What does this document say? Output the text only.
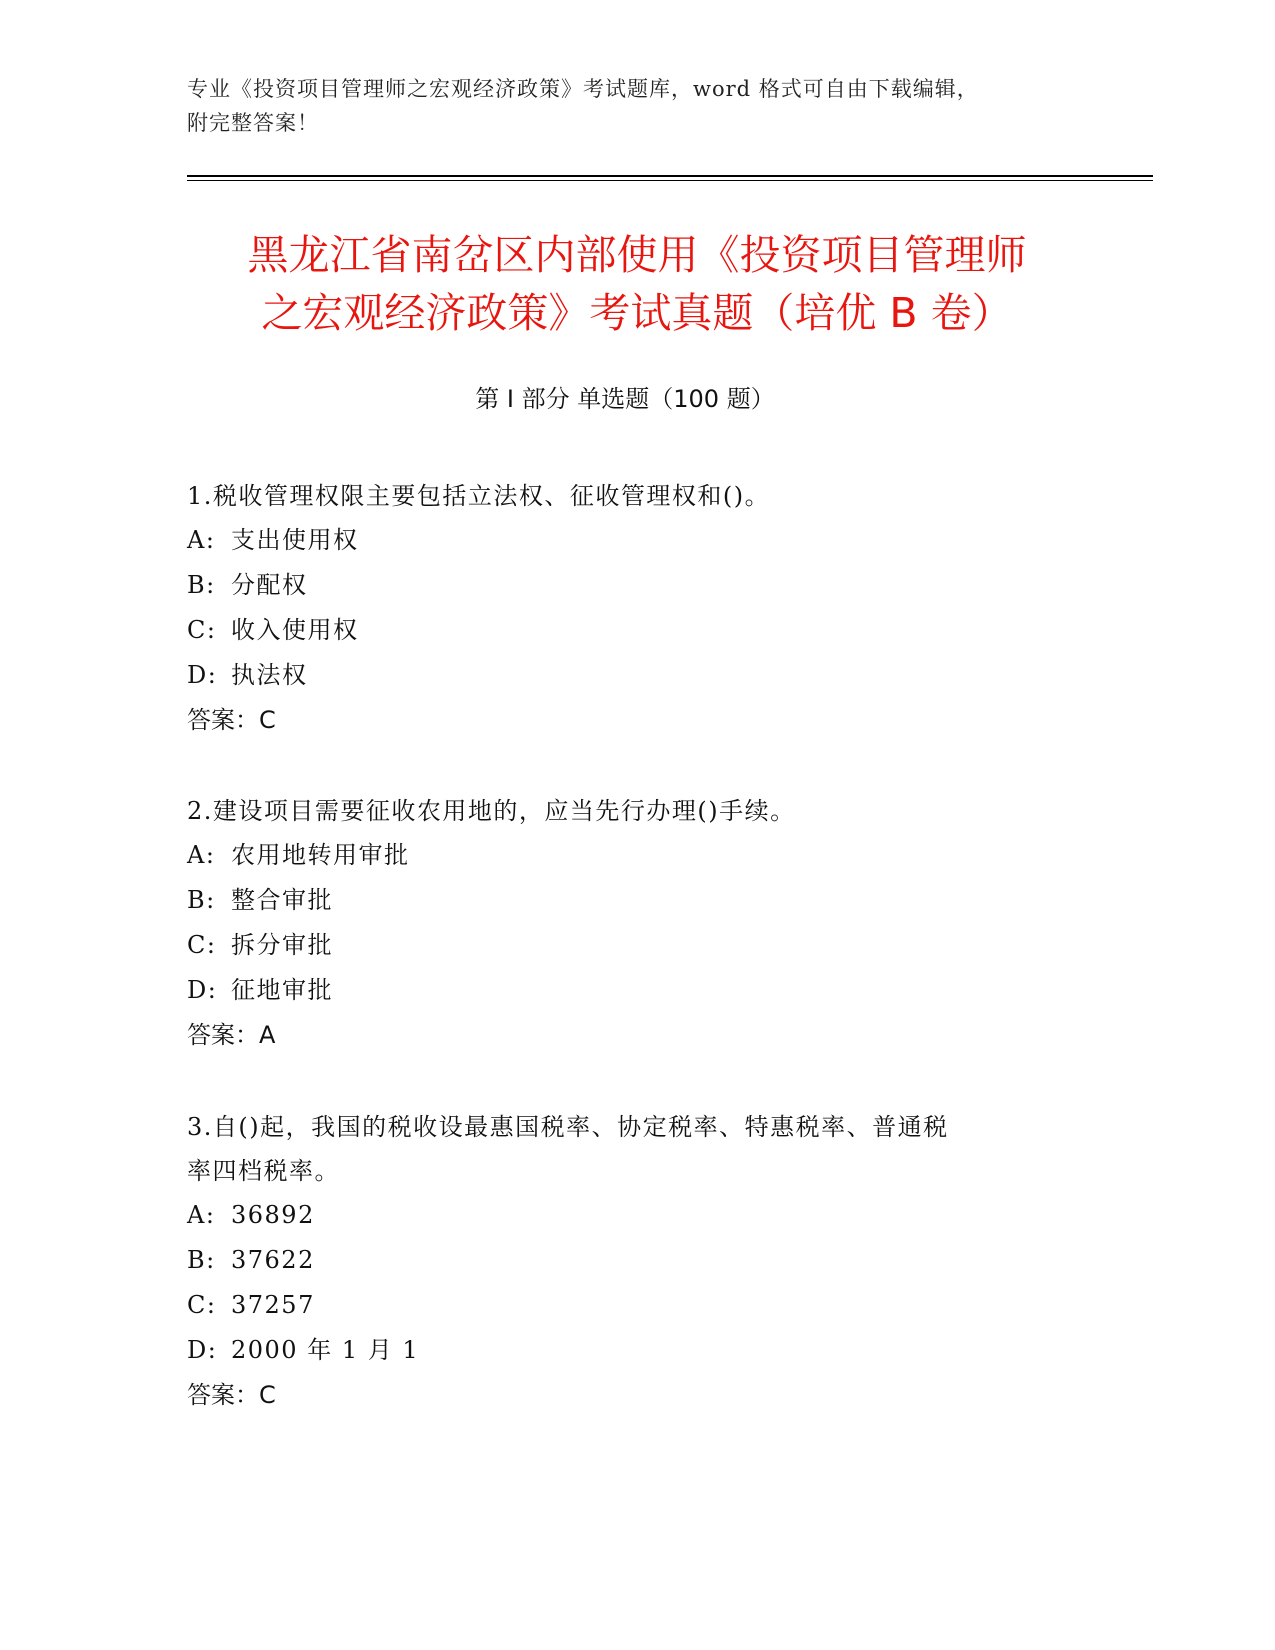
专业《投资项目管理师之宏观经济政策》考试题库，word 格式可自由下载编辑，
附完整答案！
黑龙江省南岔区内部使用《投资项目管理师
之宏观经济政策》考试真题（培优 B 卷）
第 I 部分 单选题（100 题）
1.税收管理权限主要包括立法权、征收管理权和()。
A: 支出使用权
B: 分配权
C: 收入使用权
D: 执法权
答案：C
2.建设项目需要征收农用地的，应当先行办理()手续。
A: 农用地转用审批
B: 整合审批
C: 拆分审批
D: 征地审批
答案：A
3.自()起，我国的税收设最惠国税率、协定税率、特惠税率、普通税
率四档税率。
A: 36892
B: 37622
C: 37257
D: 2000 年 1 月 1
答案：C
